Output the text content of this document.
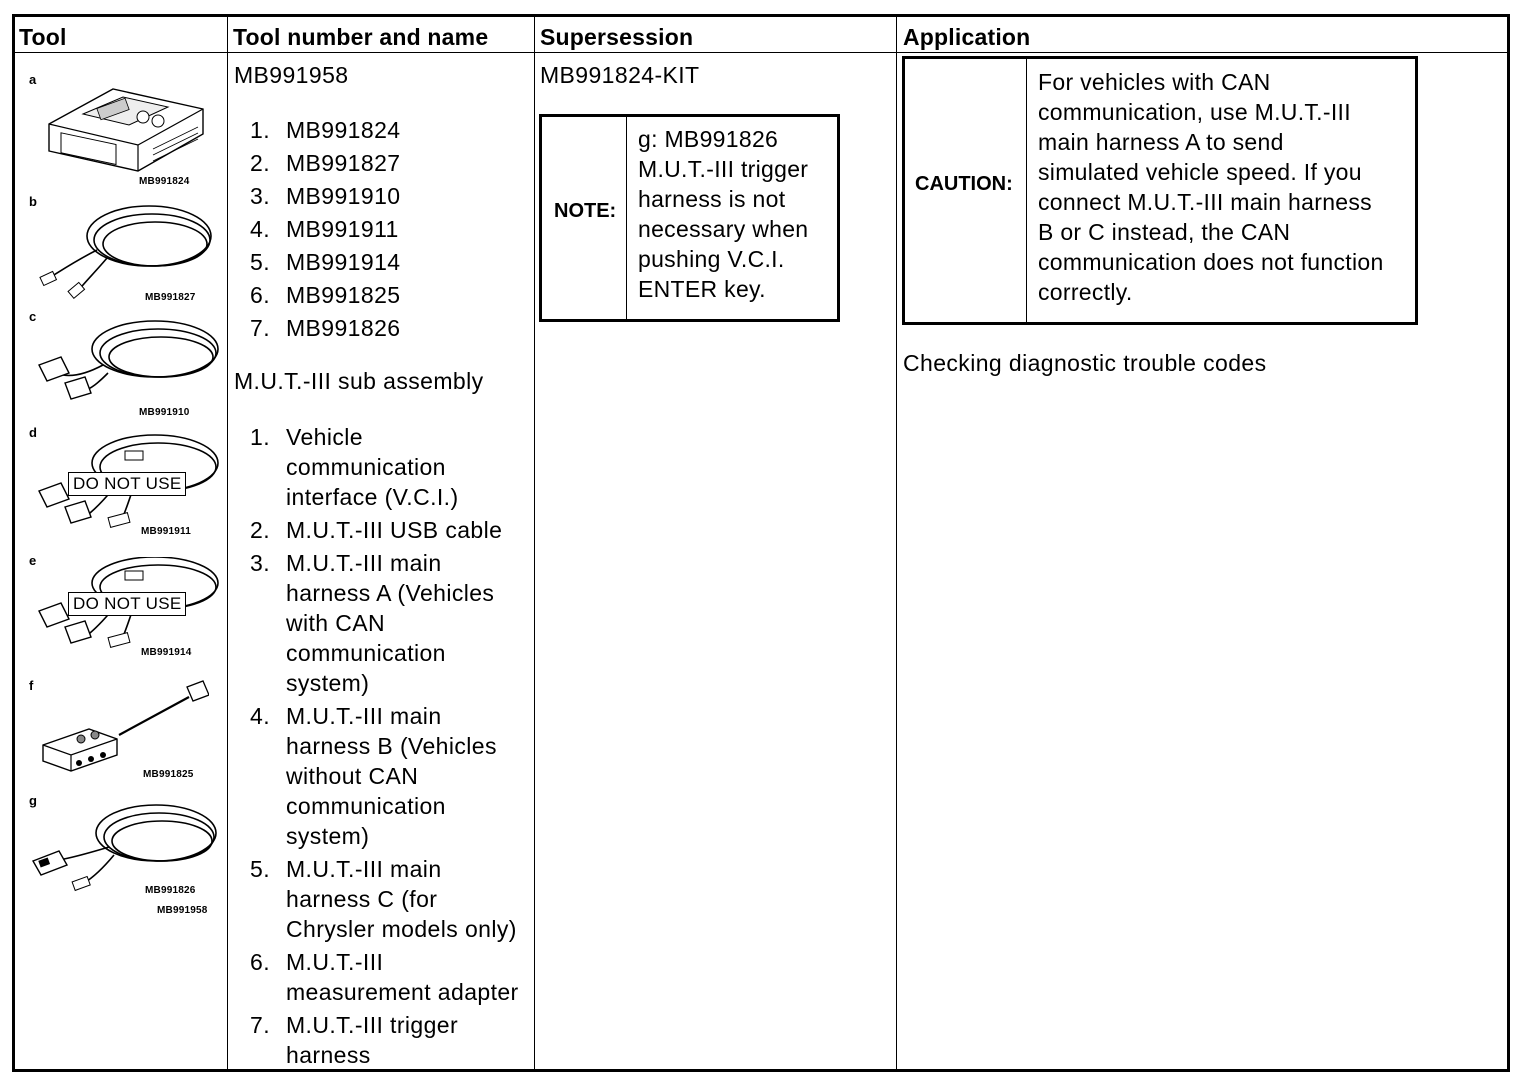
Tool	Tool number and name Supersession	Application
a
MB991824
b
MB991827
c
MB991910
d
DO NOT USE
MB991911
e
DO NOT USE
MB991914
f
MB991825
g
MB991826
MB991958
MB991958
1. MB991824
2. MB991827
3. MB991910
4. MB991911
5. MB991914
6. MB991825
7. MB991826
M.U.T.-III sub assembly
1. Vehicle
communication
interface (V.C.I.)
2. M.U.T.-III USB cable
3. M.U.T.-III main
harness A (Vehicles
with CAN
communication
system)
4. M.U.T.-III main
harness B (Vehicles
without CAN
communication
system)
5. M.U.T.-III main
harness C (for
Chrysler models only)
6. M.U.T.-III
measurement adapter
7. M.U.T.-III trigger
harness
MB991824-KIT
NOTE:
g: MB991826
M.U.T.-III trigger
harness is not
necessary when
pushing V.C.I.
ENTER key.
CAUTION:
For vehicles with CAN
communication, use M.U.T.-III
main harness A to send
simulated vehicle speed. If you
connect M.U.T.-III main harness
B or C instead, the CAN
communication does not function
correctly.
Checking diagnostic trouble codes
